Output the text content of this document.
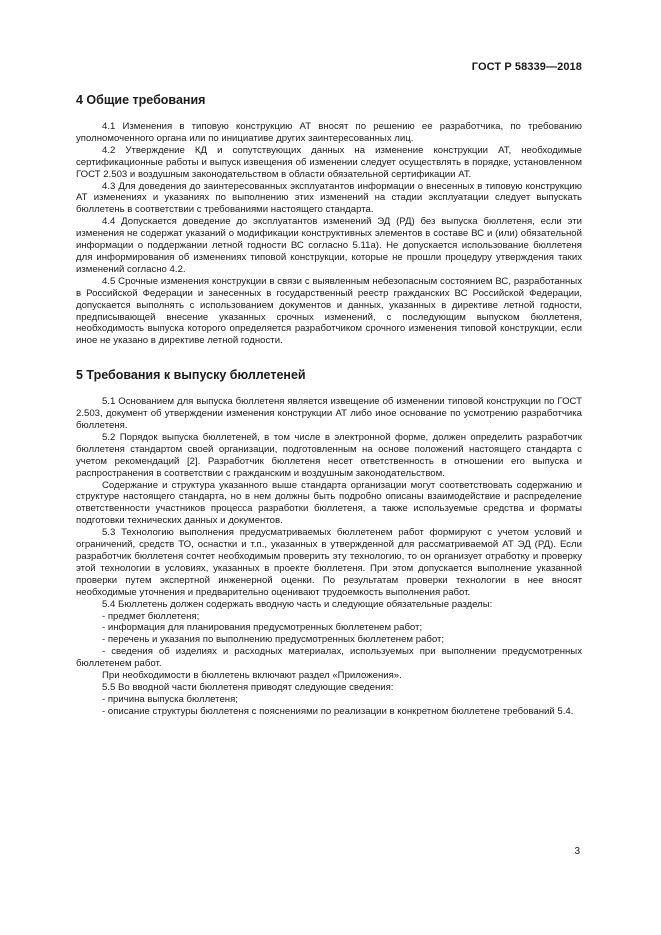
ГОСТ Р 58339—2018
4 Общие требования

4.1 Изменения в типовую конструкцию АТ вносят по решению ее разработчика, по требованию уполномоченного органа или по инициативе других заинтересованных лиц.

4.2 Утверждение КД и сопутствующих данных на изменение конструкции АТ, необходимые сертификационные работы и выпуск извещения об изменении следует осуществлять в порядке, установленном ГОСТ 2.503 и воздушным законодательством в области обязательной сертификации АТ.

4.3 Для доведения до заинтересованных эксплуатантов информации о внесенных в типовую конструкцию АТ изменениях и указаниях по выполнению этих изменений на стадии эксплуатации следует выпускать бюллетень в соответствии с требованиями настоящего стандарта.

4.4 Допускается доведение до эксплуатантов изменений ЭД (РД) без выпуска бюллетеня, если эти изменения не содержат указаний о модификации конструктивных элементов в составе ВС и (или) обязательной информации о поддержании летной годности ВС согласно 5.11а). Не допускается использование бюллетеня для информирования об изменениях типовой конструкции, которые не прошли процедуру утверждения таких изменений согласно 4.2.

4.5 Срочные изменения конструкции в связи с выявленным небезопасным состоянием ВС, разработанных в Российской Федерации и занесенных в государственный реестр гражданских ВС Российской Федерации, допускается выполнять с использованием документов и данных, указанных в директиве летной годности, предписывающей внесение указанных срочных изменений, с последующим выпуском бюллетеня, необходимость выпуска которого определяется разработчиком срочного изменения типовой конструкции, если иное не указано в директиве летной годности.

5 Требования к выпуску бюллетеней

5.1 Основанием для выпуска бюллетеня является извещение об изменении типовой конструкции по ГОСТ 2.503, документ об утверждении изменения конструкции АТ либо иное основание по усмотрению разработчика бюллетеня.

5.2 Порядок выпуска бюллетеней, в том числе в электронной форме, должен определить разработчик бюллетеня стандартом своей организации, подготовленным на основе положений настоящего стандарта с учетом рекомендаций [2]. Разработчик бюллетеня несет ответственность в отношении его выпуска и распространения в соответствии с гражданским и воздушным законодательством.

Содержание и структура указанного выше стандарта организации могут соответствовать содержанию и структуре настоящего стандарта, но в нем должны быть подробно описаны взаимодействие и распределение ответственности участников процесса разработки бюллетеня, а также используемые средства и форматы подготовки технических данных и документов.

5.3 Технологию выполнения предусматриваемых бюллетенем работ формируют с учетом условий и ограничений, средств ТО, оснастки и т.п., указанных в утвержденной для рассматриваемой АТ ЭД (РД). Если разработчик бюллетеня сочтет необходимым проверить эту технологию, то он организует отработку и проверку этой технологии в условиях, указанных в проекте бюллетеня. При этом допускается выполнение указанной проверки путем экспертной инженерной оценки. По результатам проверки технологии в нее вносят необходимые уточнения и предварительно оценивают трудоемкость выполнения работ.

5.4 Бюллетень должен содержать вводную часть и следующие обязательные разделы:

- предмет бюллетеня;

- информация для планирования предусмотренных бюллетенем работ;

- перечень и указания по выполнению предусмотренных бюллетенем работ;

- сведения об изделиях и расходных материалах, используемых при выполнении предусмотренных бюллетенем работ.

При необходимости в бюллетень включают раздел «Приложения».

5.5 Во вводной части бюллетеня приводят следующие сведения:

- причина выпуска бюллетеня;

- описание структуры бюллетеня с пояснениями по реализации в конкретном бюллетене требований 5.4.

3
